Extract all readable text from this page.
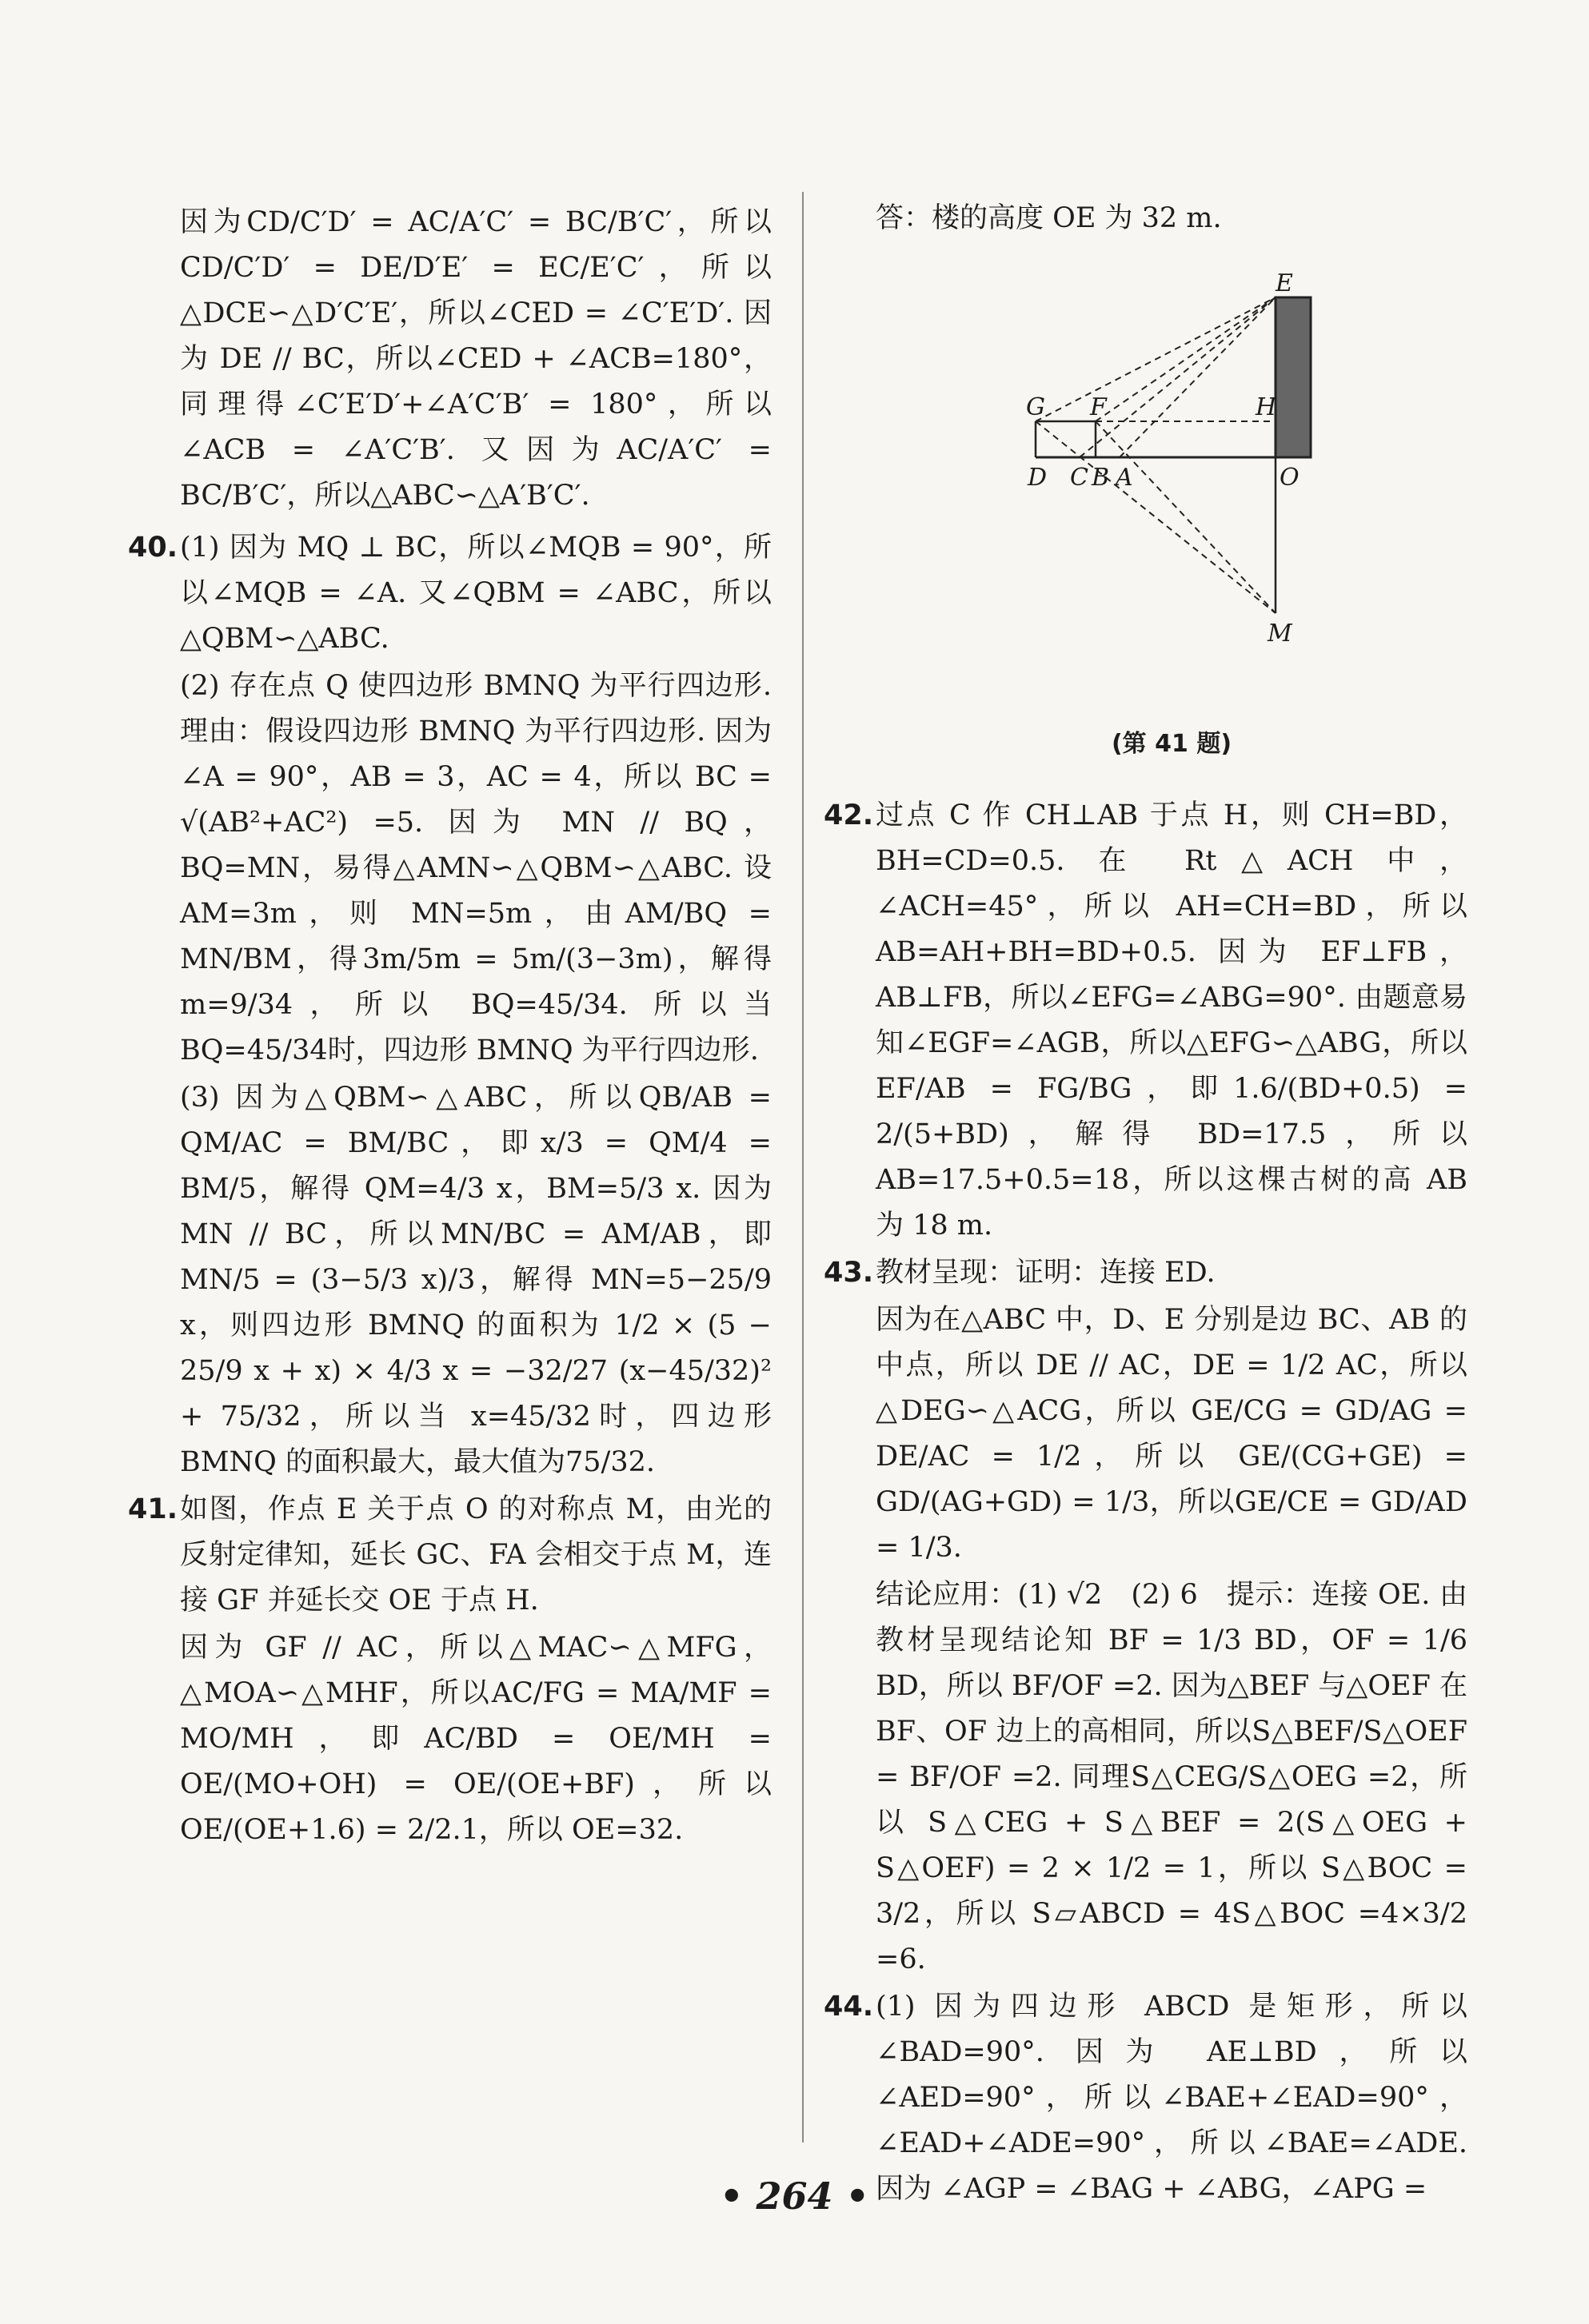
因为CD/C′D′ = AC/A′C′ = BC/B′C′，所以CD/C′D′ = DE/D′E′ = EC/E′C′，所以△DCE∽△D′C′E′，所以∠CED = ∠C′E′D′. 因为 DE // BC，所以∠CED + ∠ACB=180°，同理得∠C′E′D′+∠A′C′B′ = 180°，所以∠ACB = ∠A′C′B′. 又因为AC/A′C′ = BC/B′C′，所以△ABC∽△A′B′C′.
40. (1) 因为 MQ ⊥ BC，所以∠MQB = 90°，所以∠MQB = ∠A. 又∠QBM = ∠ABC，所以△QBM∽△ABC.
(2) 存在点 Q 使四边形 BMNQ 为平行四边形. 理由：假设四边形 BMNQ 为平行四边形. 因为∠A = 90°，AB = 3，AC = 4，所以 BC = √(AB²+AC²) =5. 因为 MN // BQ，BQ=MN，易得△AMN∽△QBM∽△ABC. 设 AM=3m，则 MN=5m，由AM/BQ = MN/BM，得3m/5m = 5m/(3−3m)，解得 m=9/34，所以 BQ=45/34. 所以当 BQ=45/34时，四边形 BMNQ 为平行四边形.
(3) 因为△QBM∽△ABC，所以QB/AB = QM/AC = BM/BC，即x/3 = QM/4 = BM/5，解得 QM=4/3 x，BM=5/3 x. 因为 MN // BC，所以MN/BC = AM/AB，即MN/5 = (3−5/3 x)/3，解得 MN=5−25/9 x，则四边形 BMNQ 的面积为 1/2 × (5 − 25/9 x + x) × 4/3 x = −32/27 (x−45/32)² + 75/32，所以当 x=45/32时，四边形 BMNQ 的面积最大，最大值为75/32.
41. 如图，作点 E 关于点 O 的对称点 M，由光的反射定律知，延长 GC、FA 会相交于点 M，连接 GF 并延长交 OE 于点 H.
因为 GF // AC，所以△MAC∽△MFG，△MOA∽△MHF，所以AC/FG = MA/MF = MO/MH，即AC/BD = OE/MH = OE/(MO+OH) = OE/(OE+BF)，所以OE/(OE+1.6) = 2/2.1，所以 OE=32.
答：楼的高度 OE 为 32 m.
E
G F	H
D C B A	O
M
(第 41 题)
42. 过点 C 作 CH⊥AB 于点 H，则 CH=BD，BH=CD=0.5. 在 Rt△ACH 中，∠ACH=45°，所以 AH=CH=BD，所以 AB=AH+BH=BD+0.5. 因为 EF⊥FB，AB⊥FB，所以∠EFG=∠ABG=90°. 由题意易知∠EGF=∠AGB，所以△EFG∽△ABG，所以EF/AB = FG/BG，即1.6/(BD+0.5) = 2/(5+BD)，解得 BD=17.5，所以 AB=17.5+0.5=18，所以这棵古树的高 AB 为 18 m.
43. 教材呈现：证明：连接 ED.
因为在△ABC 中，D、E 分别是边 BC、AB 的中点，所以 DE // AC，DE = 1/2 AC，所以△DEG∽△ACG，所以 GE/CG = GD/AG = DE/AC = 1/2，所以 GE/(CG+GE) = GD/(AG+GD) = 1/3，所以GE/CE = GD/AD = 1/3.
结论应用：(1) √2　(2) 6　提示：连接 OE. 由教材呈现结论知 BF = 1/3 BD，OF = 1/6 BD，所以 BF/OF =2. 因为△BEF 与△OEF 在 BF、OF 边上的高相同，所以S△BEF/S△OEF = BF/OF =2. 同理S△CEG/S△OEG =2，所以 S△CEG + S△BEF = 2(S△OEG + S△OEF) = 2 × 1/2 = 1，所以 S△BOC = 3/2，所以 S▱ABCD = 4S△BOC =4×3/2 =6.
44. (1) 因为四边形 ABCD 是矩形，所以∠BAD=90°. 因为 AE⊥BD，所以∠AED=90°，所以∠BAE+∠EAD=90°，∠EAD+∠ADE=90°，所以∠BAE=∠ADE. 因为 ∠AGP = ∠BAG + ∠ABG，∠APG =
• 264 •
